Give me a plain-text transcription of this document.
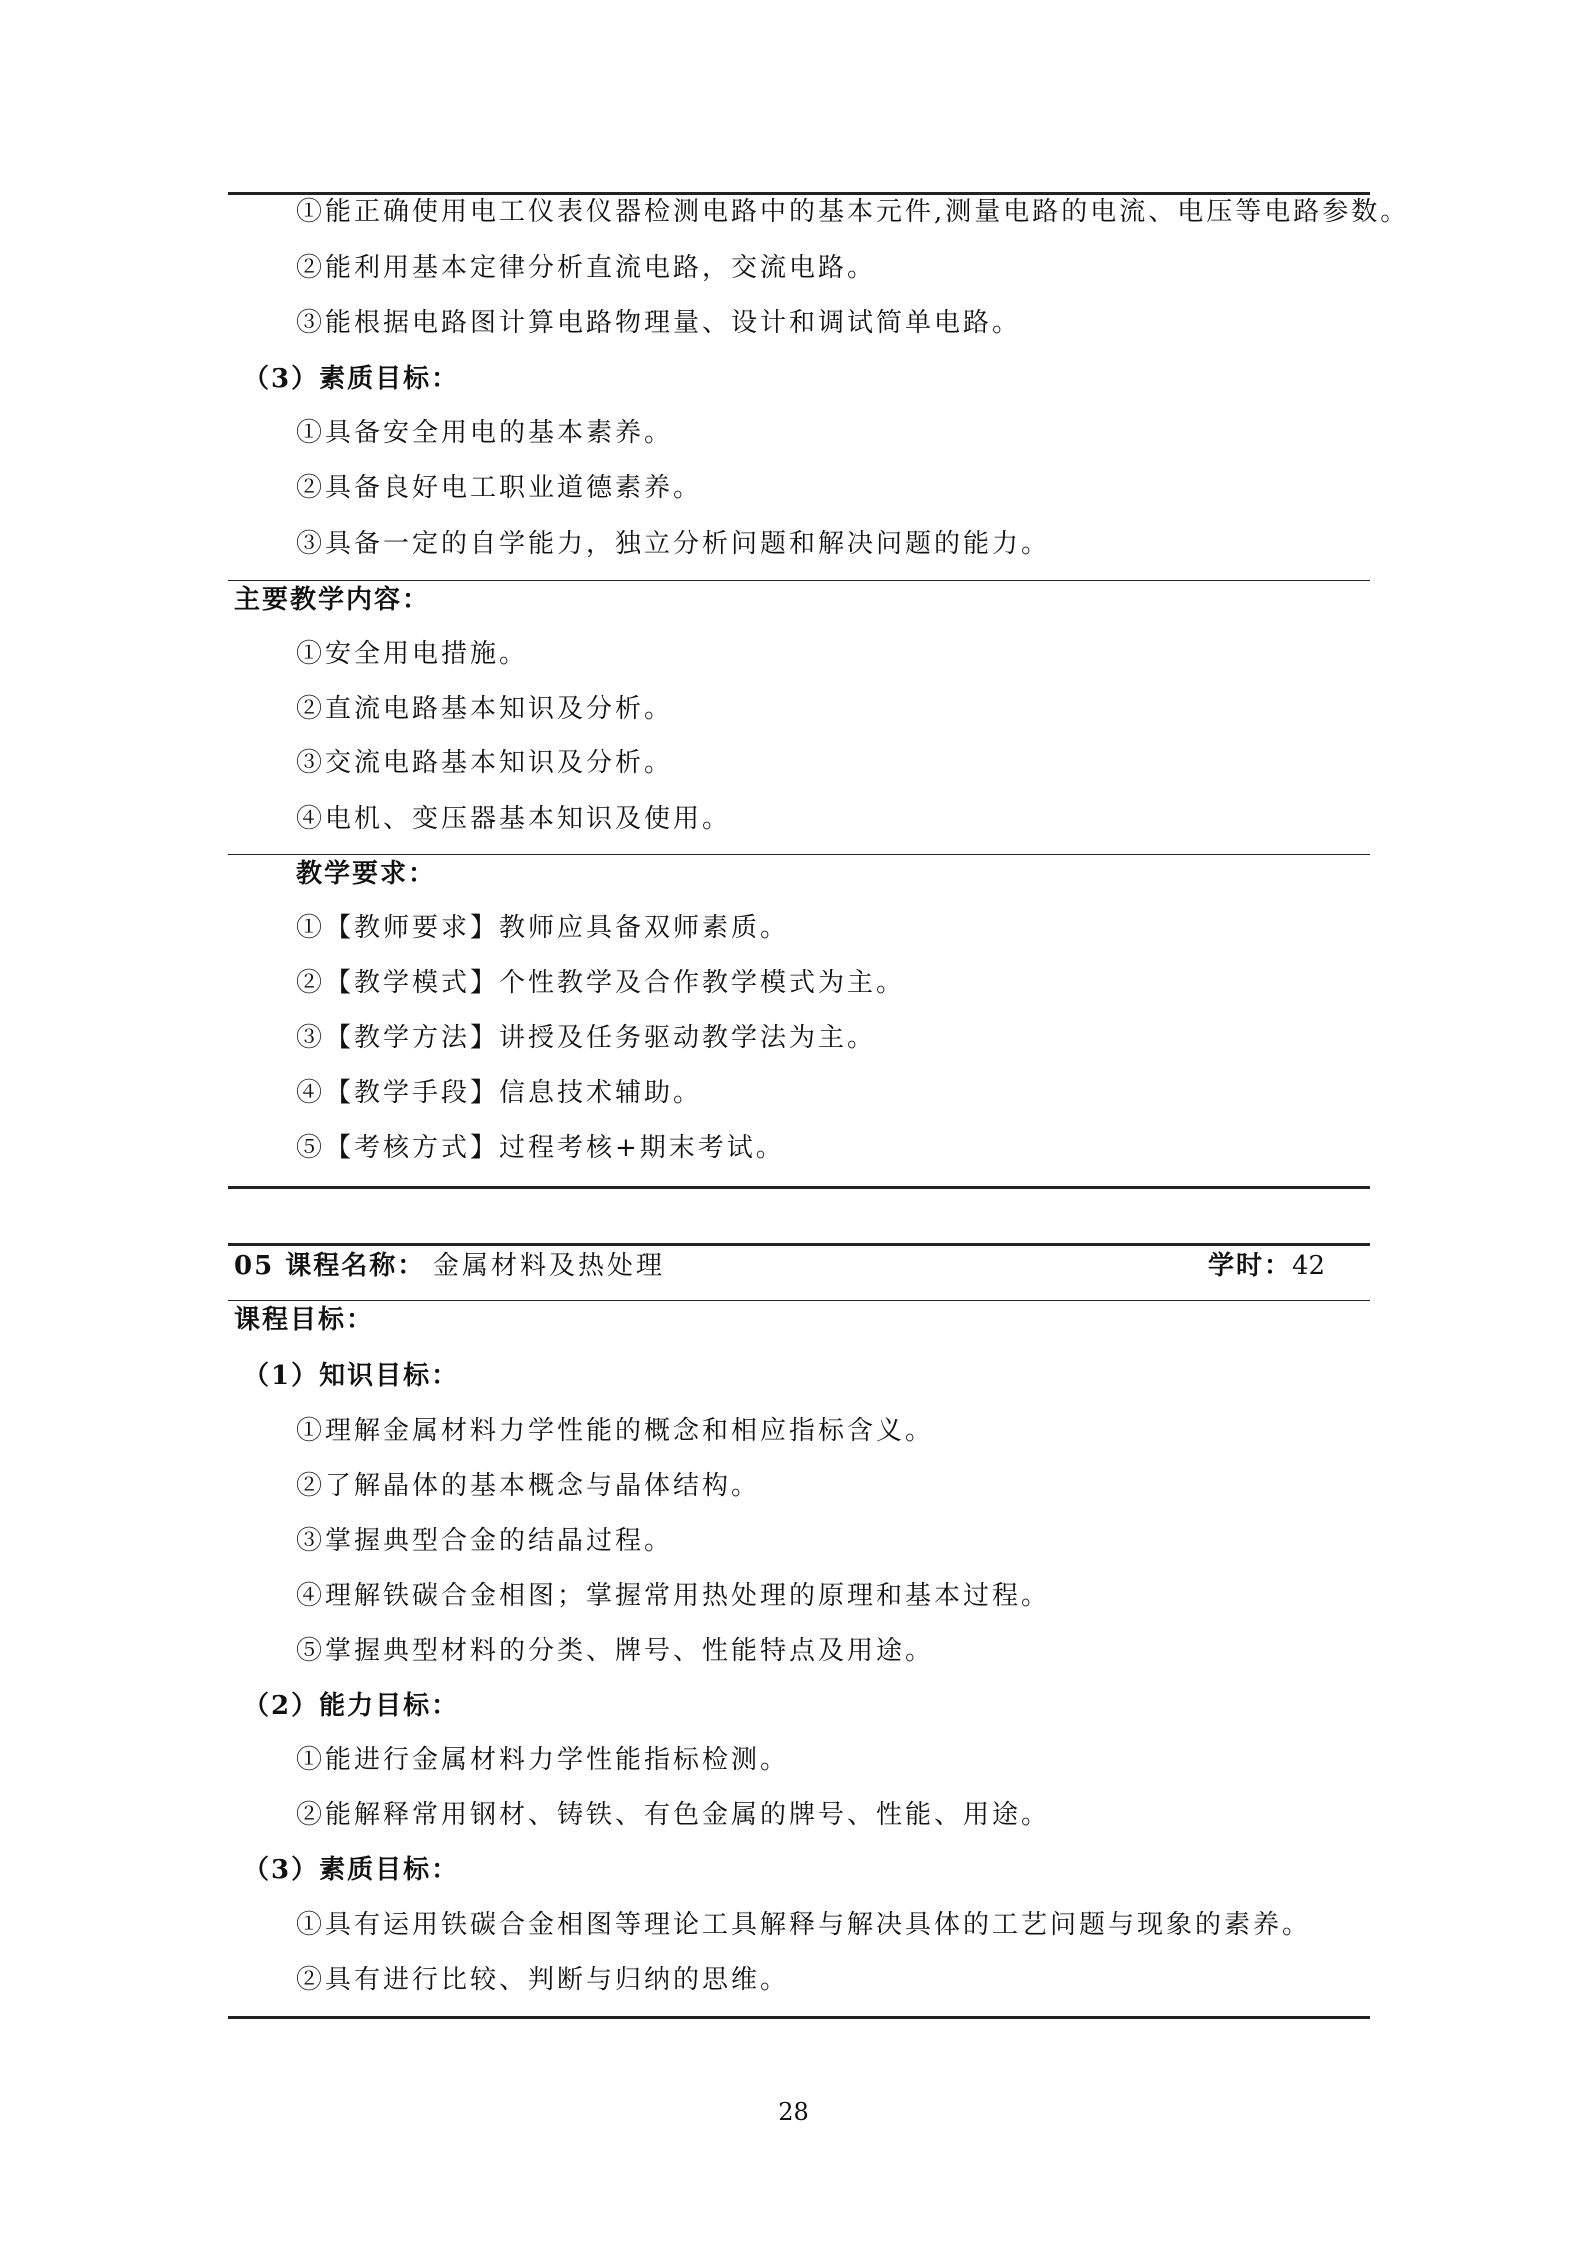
①能正确使用电工仪表仪器检测电路中的基本元件,测量电路的电流、电压等电路参数。
②能利用基本定律分析直流电路，交流电路。
③能根据电路图计算电路物理量、设计和调试简单电路。
（3）素质目标：
①具备安全用电的基本素养。
②具备良好电工职业道德素养。
③具备一定的自学能力，独立分析问题和解决问题的能力。
主要教学内容：
①安全用电措施。
②直流电路基本知识及分析。
③交流电路基本知识及分析。
④电机、变压器基本知识及使用。
教学要求：
①【教师要求】教师应具备双师素质。
②【教学模式】个性教学及合作教学模式为主。
③【教学方法】讲授及任务驱动教学法为主。
④【教学手段】信息技术辅助。
⑤【考核方式】过程考核+期末考试。
05 课程名称： 金属材料及热处理	学时：42
课程目标：
（1）知识目标：
①理解金属材料力学性能的概念和相应指标含义。
②了解晶体的基本概念与晶体结构。
③掌握典型合金的结晶过程。
④理解铁碳合金相图；掌握常用热处理的原理和基本过程。
⑤掌握典型材料的分类、牌号、性能特点及用途。
（2）能力目标：
①能进行金属材料力学性能指标检测。
②能解释常用钢材、铸铁、有色金属的牌号、性能、用途。
（3）素质目标：
①具有运用铁碳合金相图等理论工具解释与解决具体的工艺问题与现象的素养。
②具有进行比较、判断与归纳的思维。
28
